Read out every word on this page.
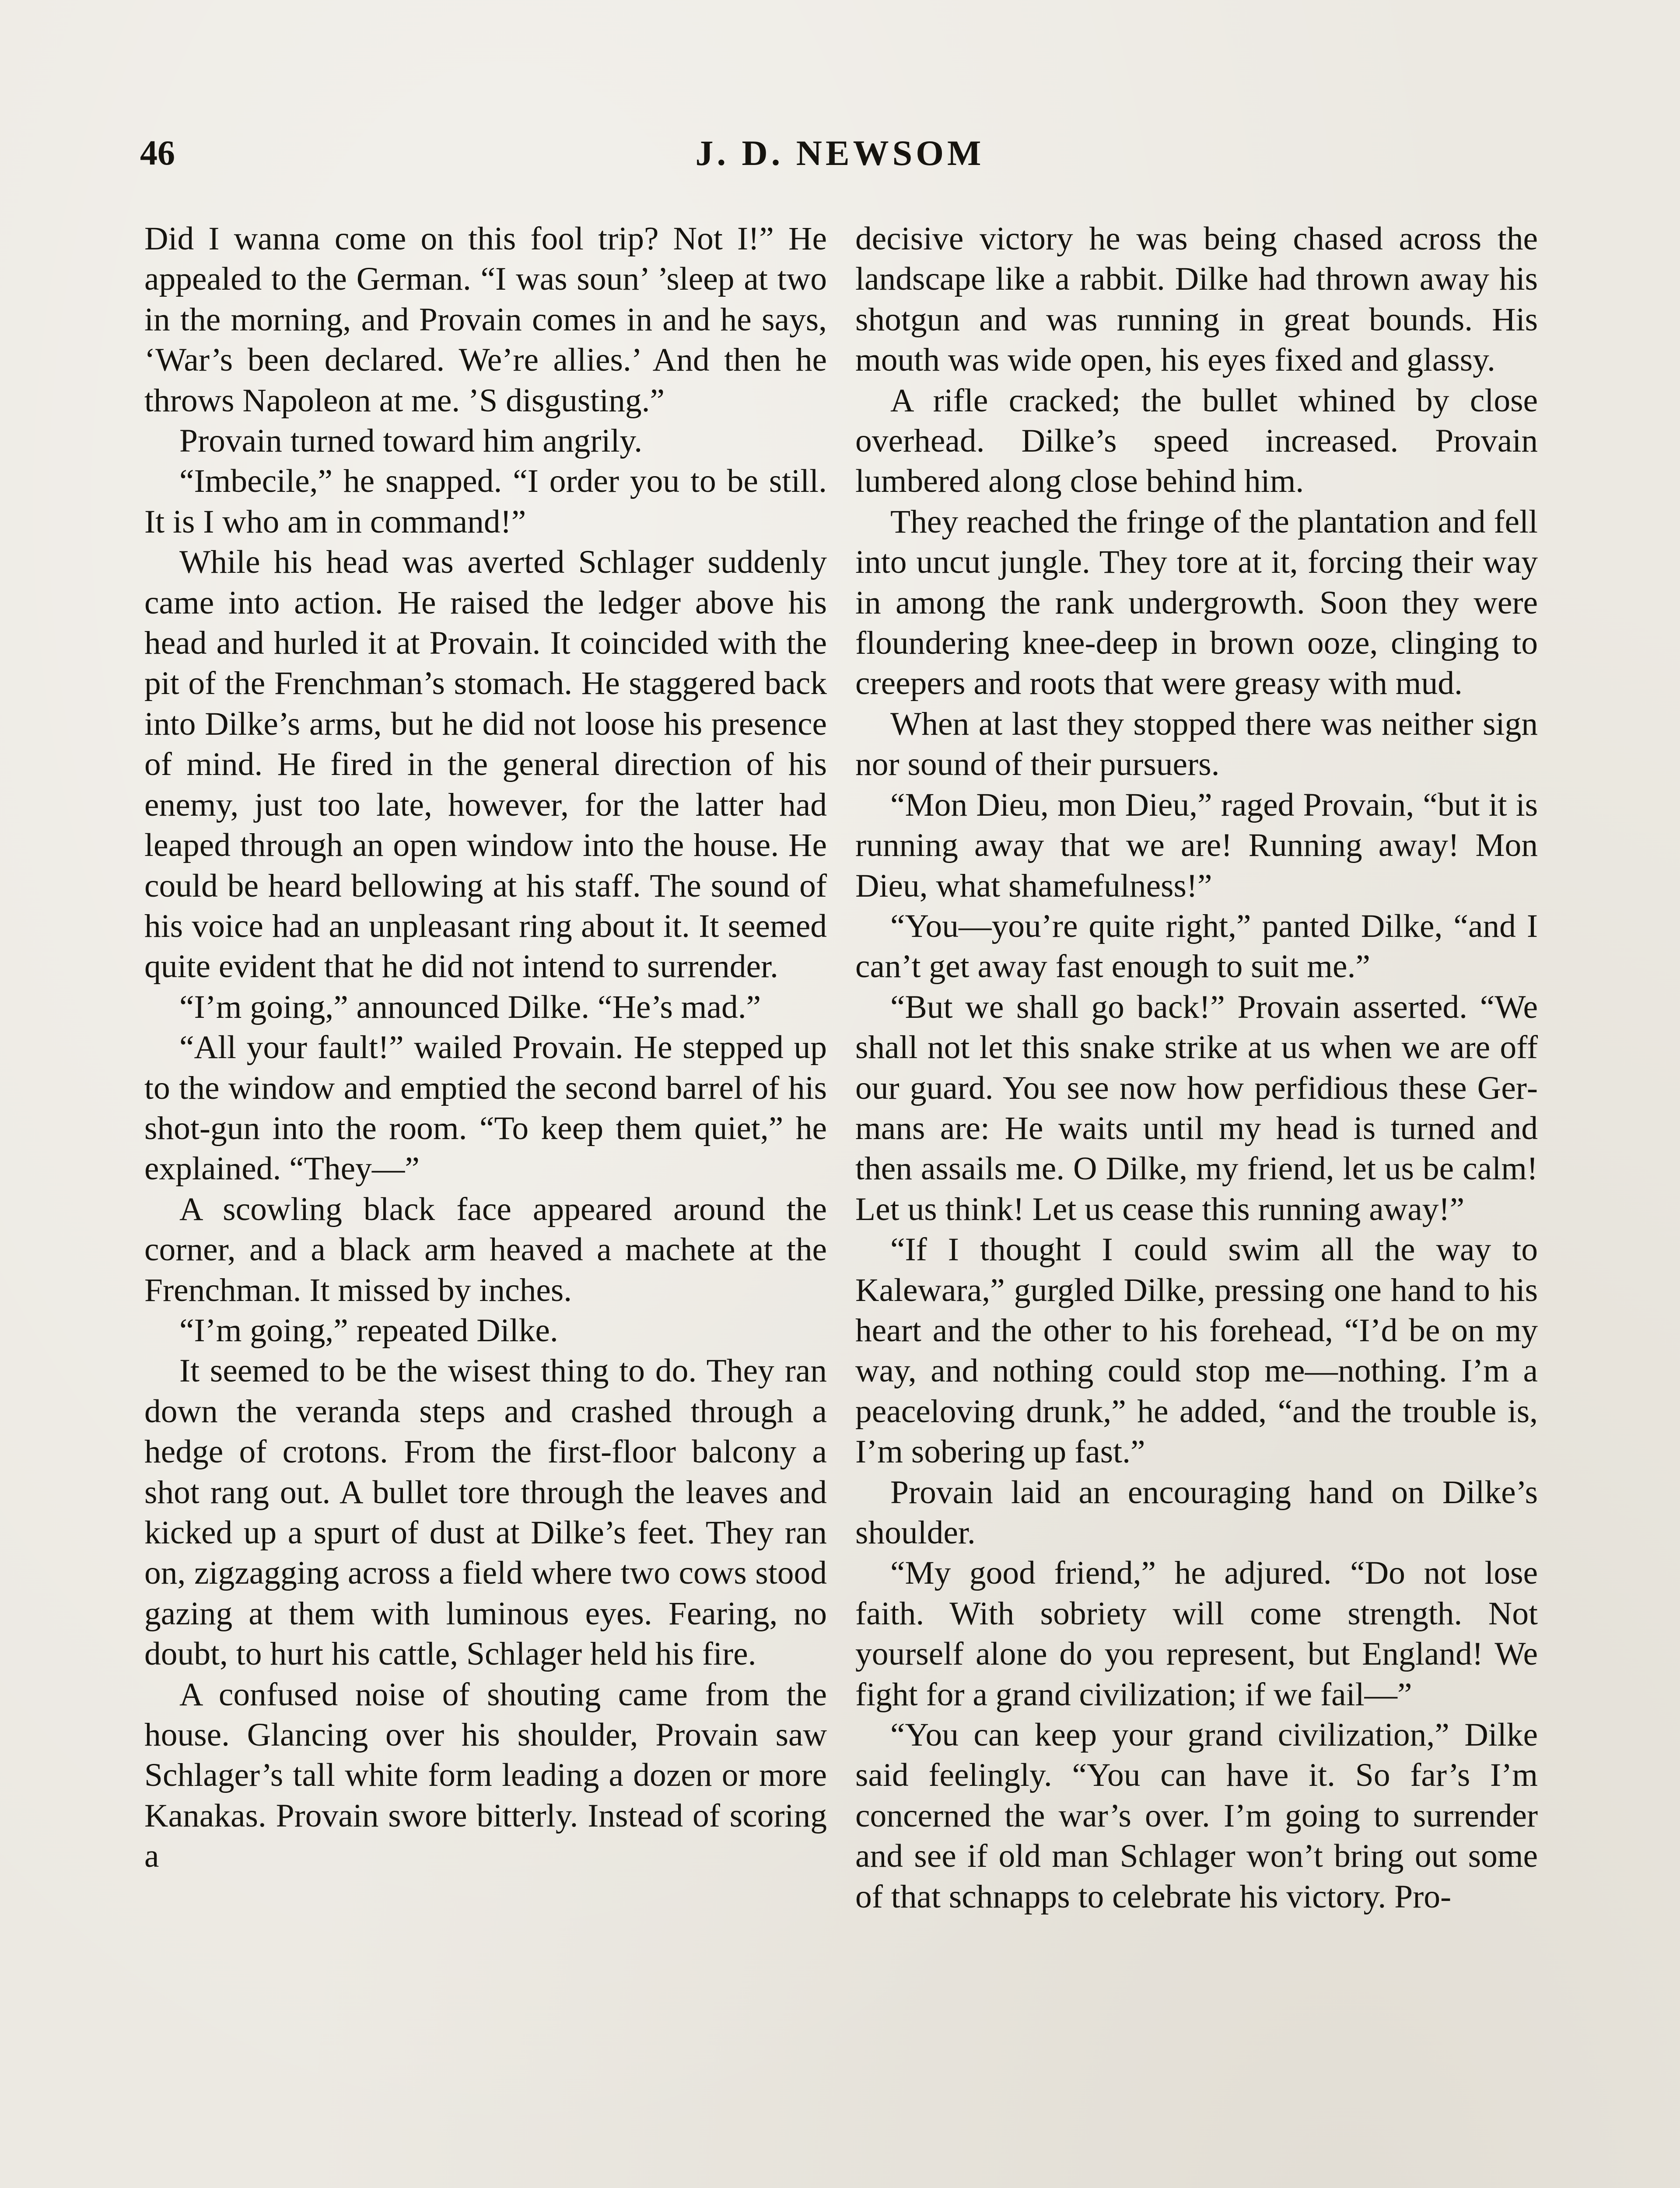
46	J. D. NEWSOM

Did I wanna come on this fool trip? Not I!” He appealed to the German. “I was soun’ ’sleep at two in the morning, and Provain comes in and he says, ‘War’s been declared. We’re allies.’ And then he throws Napoleon at me. ’S disgusting.”

Provain turned toward him angrily.

“Imbecile,” he snapped. “I order you to be still. It is I who am in command!”

While his head was averted Schlager suddenly came into action. He raised the ledger above his head and hurled it at Provain. It coincided with the pit of the Frenchman’s stomach. He staggered back into Dilke’s arms, but he did not loose his presence of mind. He fired in the general direction of his enemy, just too late, however, for the latter had leaped through an open window into the house. He could be heard bellowing at his staff. The sound of his voice had an unpleasant ring about it. It seemed quite evident that he did not intend to surrender.

“I’m going,” announced Dilke. “He’s mad.”

“All your fault!” wailed Provain. He stepped up to the window and emptied the second barrel of his shot-gun into the room. “To keep them quiet,” he explained. “They—”

A scowling black face appeared around the corner, and a black arm heaved a machete at the Frenchman. It missed by inches.

“I’m going,” repeated Dilke.

It seemed to be the wisest thing to do. They ran down the veranda steps and crashed through a hedge of crotons. From the first-floor balcony a shot rang out. A bullet tore through the leaves and kicked up a spurt of dust at Dilke’s feet. They ran on, zigzagging across a field where two cows stood gazing at them with luminous eyes. Fearing, no doubt, to hurt his cattle, Schlager held his fire.

A confused noise of shouting came from the house. Glancing over his shoulder, Provain saw Schlager’s tall white form leading a dozen or more Kanakas. Provain swore bitterly. Instead of scoring a

decisive victory he was being chased across the landscape like a rabbit. Dilke had thrown away his shotgun and was running in great bounds. His mouth was wide open, his eyes fixed and glassy.

A rifle cracked; the bullet whined by close overhead. Dilke’s speed increased. Provain lumbered along close behind him.

They reached the fringe of the plantation and fell into uncut jungle. They tore at it, forcing their way in among the rank undergrowth. Soon they were floundering knee-deep in brown ooze, clinging to creepers and roots that were greasy with mud.

When at last they stopped there was neither sign nor sound of their pursuers.

“Mon Dieu, mon Dieu,” raged Provain, “but it is running away that we are! Running away! Mon Dieu, what shamefulness!”

“You—you’re quite right,” panted Dilke, “and I can’t get away fast enough to suit me.”

“But we shall go back!” Provain asserted. “We shall not let this snake strike at us when we are off our guard. You see now how perfidious these Germans are: He waits until my head is turned and then assails me. O Dilke, my friend, let us be calm! Let us think! Let us cease this running away!”

“If I thought I could swim all the way to Kalewara,” gurgled Dilke, pressing one hand to his heart and the other to his forehead, “I’d be on my way, and nothing could stop me—nothing. I’m a peaceloving drunk,” he added, “and the trouble is, I’m sobering up fast.”

Provain laid an encouraging hand on Dilke’s shoulder.

“My good friend,” he adjured. “Do not lose faith. With sobriety will come strength. Not yourself alone do you represent, but England! We fight for a grand civilization; if we fail—”

“You can keep your grand civilization,” Dilke said feelingly. “You can have it. So far’s I’m concerned the war’s over. I’m going to surrender and see if old man Schlager won’t bring out some of that schnapps to celebrate his victory. Pro-
